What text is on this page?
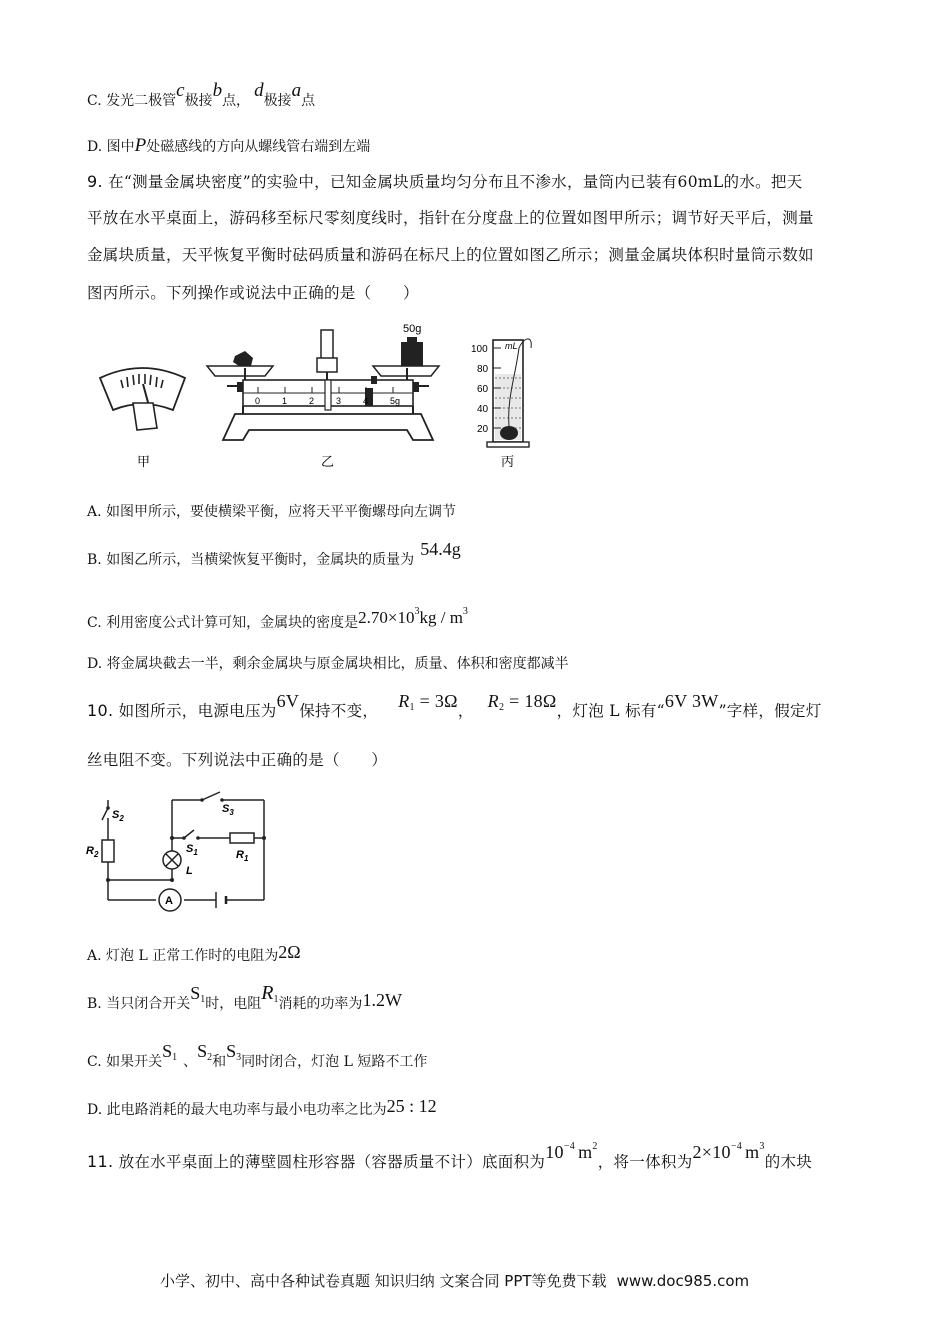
C. 发光二极管c极接b点， d极接a点
D. 图中P处磁感线的方向从螺线管右端到左端
9. 在“测量金属块密度”的实验中，已知金属块质量均匀分布且不渗水，量筒内已装有60mL的水。把天
平放在水平桌面上，游码移至标尺零刻度线时，指针在分度盘上的位置如图甲所示；调节好天平后，测量
金属块质量，天平恢复平衡时砝码质量和游码在标尺上的位置如图乙所示；测量金属块体积时量筒示数如
图丙所示。下列操作或说法中正确的是（　　）
甲
50g
0 1 2 3 4 5g
乙
100
80
60
40
20
mL
丙
A. 如图甲所示，要使横梁平衡，应将天平平衡螺母向左调节
B. 如图乙所示，当横梁恢复平衡时，金属块的质量为54.4g
C. 利用密度公式计算可知，金属块的密度是$2.70\times 10^3kg / m^3$
D. 将金属块截去一半，剩余金属块与原金属块相比，质量、体积和密度都减半
10. 如图所示，电源电压为6V保持不变， $R_1 = 3\Omega$， $R_2 = 18\Omega$，灯泡 L 标有“6V 3W”字样，假定灯
丝电阻不变。下列说法中正确的是（　　）
$S_2$
$R_2$	$S_1$
L
$R_1$
$S_3$
A
A. 灯泡 L 正常工作时的电阻为2Ω
B. 当只闭合开关$S_1$时，电阻$R_1$消耗的功率为1.2W
C. 如果开关$S_1$ 、$S_2$和$S_3$同时闭合，灯泡 L 短路不工作
D. 此电路消耗的最大电功率与最小电功率之比为25 : 12
11. 放在水平桌面上的薄壁圆柱形容器（容器质量不计）底面积为$10^{-4}$ $m^2$，将一体积为$2\times 10^{-4}$ $m^3$的木块
小学、初中、高中各种试卷真题 知识归纳 文案合同 PPT等免费下载 www.doc985.com
